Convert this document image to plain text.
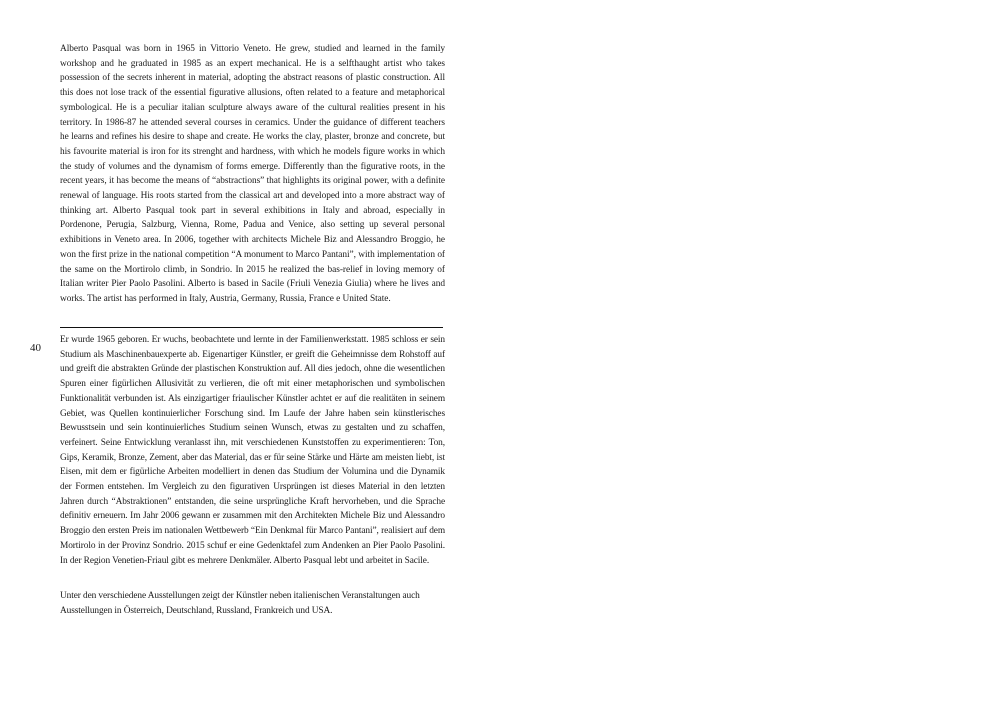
Alberto Pasqual was born in 1965 in Vittorio Veneto. He grew, studied and learned in the family workshop and he graduated in 1985 as an expert mechanical. He is a selfthaught artist who takes possession of the secrets inherent in material, adopting the abstract reasons of plastic construction. All this does not lose track of the essential figurative allusions, often related to a feature and metaphorical symbological. He is a peculiar italian sculpture always aware of the cultural realities present in his territory. In 1986-87 he attended several courses in ceramics. Under the guidance of different teachers he learns and refines his desire to shape and create. He works the clay, plaster, bronze and concrete, but his favourite material is iron for its strenght and hardness, with which he models figure works in which the study of volumes and the dynamism of forms emerge. Differently than the figurative roots, in the recent years, it has become the means of “abstractions” that highlights its original power, with a definite renewal of language. His roots started from the classical art and developed into a more abstract way of thinking art. Alberto Pasqual took part in several exhibitions in Italy and abroad, especially in Pordenone, Perugia, Salzburg, Vienna, Rome, Padua and Venice, also setting up several personal exhibitions in Veneto area. In 2006, together with architects Michele Biz and Alessandro Broggio, he won the first prize in the national competition “A monument to Marco Pantani”, with implementation of the same on the Mortirolo climb, in Sondrio. In 2015 he realized the bas-relief in loving memory of Italian writer Pier Paolo Pasolini. Alberto is based in Sacile (Friuli Venezia Giulia) where he lives and works. The artist has performed in Italy, Austria, Germany, Russia, France e United State.

40

Er wurde 1965 geboren. Er wuchs, beobachtete und lernte in der Familienwerkstatt. 1985 schloss er sein Studium als Maschinenbauexperte ab. Eigenartiger Künstler, er greift die Geheimnisse dem Rohstoff auf und greift die abstrakten Gründe der plastischen Konstruktion auf. All dies jedoch, ohne die wesentlichen Spuren einer figürlichen Allusivität zu verlieren, die oft mit einer metaphorischen und symbolischen Funktionalität verbunden ist. Als einzigartiger friaulischer Künstler achtet er auf die realitäten in seinem Gebiet, was Quellen kontinuierlicher Forschung sind. Im Laufe der Jahre haben sein künstlerisches Bewusstsein und sein kontinuierliches Studium seinen Wunsch, etwas zu gestalten und zu schaffen, verfeinert. Seine Entwicklung veranlasst ihn, mit verschiedenen Kunststoffen zu experimentieren: Ton, Gips, Keramik, Bronze, Zement, aber das Material, das er für seine Stärke und Härte am meisten liebt, ist Eisen, mit dem er figürliche Arbeiten modelliert in denen das Studium der Volumina und die Dynamik der Formen entstehen. Im Vergleich zu den figurativen Ursprüngen ist dieses Material in den letzten Jahren durch “Abstraktionen” entstanden, die seine ursprüngliche Kraft hervorheben, und die Sprache definitiv erneuern. Im Jahr 2006 gewann er zusammen mit den Architekten Michele Biz und Alessandro Broggio den ersten Preis im nationalen Wettbewerb “Ein Denkmal für Marco Pantani”, realisiert auf dem Mortirolo in der Provinz Sondrio. 2015 schuf er eine Gedenktafel zum Andenken an Pier Paolo Pasolini. In der Region Venetien-Friaul gibt es mehrere Denkmäler. Alberto Pasqual lebt und arbeitet in Sacile.

Unter den verschiedene Ausstellungen zeigt der Künstler neben italienischen Veranstaltungen auch Ausstellungen in Österreich, Deutschland, Russland, Frankreich und USA.
